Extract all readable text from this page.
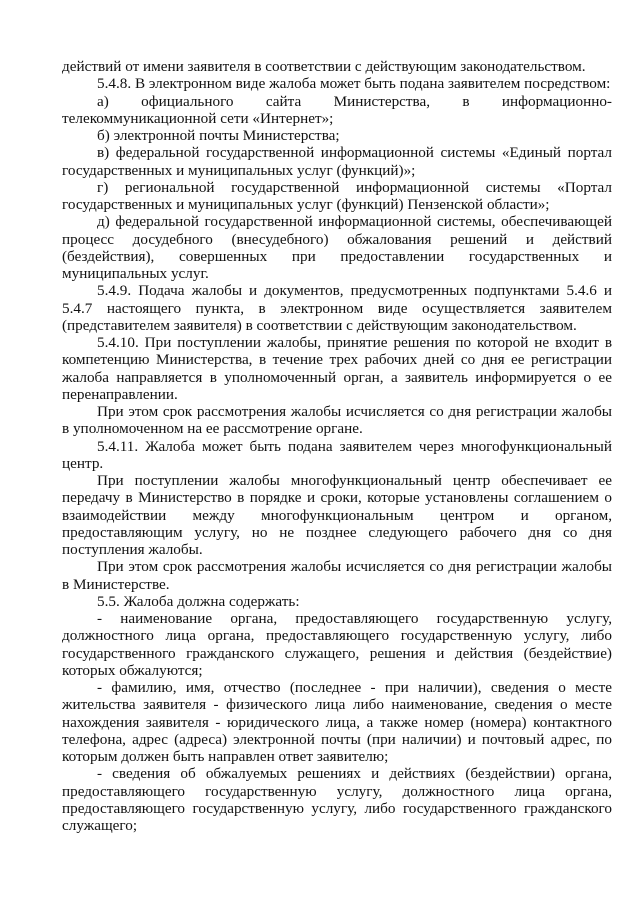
действий от имени заявителя в соответствии с действующим законодательством.

5.4.8. В электронном виде жалоба может быть подана заявителем посредством:

а) официального сайта Министерства, в информационно-телекоммуникационной сети «Интернет»;

б) электронной почты Министерства;

в) федеральной государственной информационной системы «Единый портал государственных и муниципальных услуг (функций)»;

г) региональной государственной информационной системы «Портал государственных и муниципальных услуг (функций) Пензенской области»;

д) федеральной государственной информационной системы, обеспечивающей процесс досудебного (внесудебного) обжалования решений и действий (бездействия), совершенных при предоставлении государственных и муниципальных услуг.

5.4.9. Подача жалобы и документов, предусмотренных подпунктами 5.4.6 и 5.4.7 настоящего пункта, в электронном виде осуществляется заявителем (представителем заявителя) в соответствии с действующим законодательством.

5.4.10. При поступлении жалобы, принятие решения по которой не входит в компетенцию Министерства, в течение трех рабочих дней со дня ее регистрации жалоба направляется в уполномоченный орган, а заявитель информируется о ее перенаправлении.

При этом срок рассмотрения жалобы исчисляется со дня регистрации жалобы в уполномоченном на ее рассмотрение органе.

5.4.11. Жалоба может быть подана заявителем через многофункциональный центр.

При поступлении жалобы многофункциональный центр обеспечивает ее передачу в Министерство в порядке и сроки, которые установлены соглашением о взаимодействии между многофункциональным центром и органом, предоставляющим услугу, но не позднее следующего рабочего дня со дня поступления жалобы.

При этом срок рассмотрения жалобы исчисляется со дня регистрации жалобы в Министерстве.

5.5. Жалоба должна содержать:

- наименование органа, предоставляющего государственную услугу, должностного лица органа, предоставляющего государственную услугу, либо государственного гражданского служащего, решения и действия (бездействие) которых обжалуются;

- фамилию, имя, отчество (последнее - при наличии), сведения о месте жительства заявителя - физического лица либо наименование, сведения о месте нахождения заявителя - юридического лица, а также номер (номера) контактного телефона, адрес (адреса) электронной почты (при наличии) и почтовый адрес, по которым должен быть направлен ответ заявителю;

- сведения об обжалуемых решениях и действиях (бездействии) органа, предоставляющего государственную услугу, должностного лица органа, предоставляющего государственную услугу, либо государственного гражданского служащего;
